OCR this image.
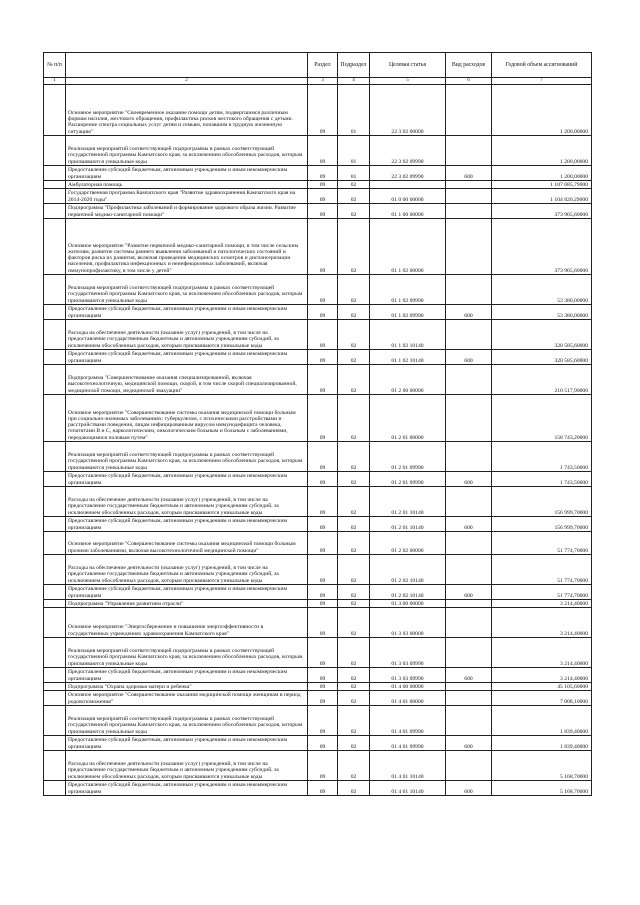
№ п/п		Раздел	Подраздел	Целевая статья	Вид расходов	Годовой объем ассигнований
1	2	3	4	5	6	7
	Основное мероприятие "Своевременное оказание помощи детям, подвергшимся различным формам насилия, жестокого обращения, профилактика рисков жестокого обращения с детьми. Расширение спектра социальных услуг детям и семьям, попавшим в трудную жизненную ситуацию"	09	01	22 3 02 00000		1 200,00000
	Реализация мероприятий соответствующей подпрограммы в рамках соответствующей государственной программы Камчатского края, за исключением обособленных расходов, которым присваиваются уникальные коды	09	01	22 3 02 09990		1 200,00000
	Предоставление субсидий бюджетным, автономным учреждениям и иным некоммерческим организациям	09	01	22 3 02 09990	600	1 200,00000
	Амбулаторная помощь	09	02			1 107 685,79000
	Государственная программа Камчатского края "Развитие здравоохранения Камчатского края на 2014-2020 годы"	09	02	01 0 00 00000		1 104 820,29000
	Подпрограмма "Профилактика заболеваний и формирование здорового образа жизни. Развитие первичной медико-санитарной помощи"	09	02	01 1 00 00000		373 965,60000
	Основное мероприятие "Развитие первичной медико-санитарной помощи, в том числе сельским жителям, развитие системы раннего выявления заболеваний и патологических состояний и факторов риска их развития, включая проведение медицинских осмотров и диспансеризации населения, профилактика инфекционных и неинфекционных заболеваний, включая иммунопрофилактику, в том числе у детей"	09	02	01 1 02 00000		373 965,60000
	Реализация мероприятий соответствующей подпрограммы в рамках соответствующей государственной программы Камчатского края, за исключением обособленных расходов, которым присваиваются уникальные коды	09	02	01 1 02 09990		53 380,00000
	Предоставление субсидий бюджетным, автономным учреждениям и иным некоммерческим организациям	09	02	01 1 02 09990	600	53 380,00000
	Расходы на обеспечение деятельности (оказание услуг) учреждений, в том числе на предоставление государственным бюджетным и автономным учреждениям субсидий, за исключением обособленных расходов, которым присваиваются уникальные коды	09	02	01 1 02 10140		320 585,60000
	Предоставление субсидий бюджетным, автономным учреждениям и иным некоммерческим организациям	09	02	01 1 02 10140	600	320 585,60000
	Подпрограмма "Совершенствование оказания специализированной, включая высокотехнологичную, медицинской помощи, скорой, в том числе скорой специализированной, медицинской помощи, медицинской эвакуации"	09	02	01 2 00 00000		210 517,90000
	Основное мероприятие "Совершенствование системы оказания медицинской помощи больным при социально-значимых заболеваниях: туберкулезом, с психическими расстройствами и расстройствами поведения, лицам инфицированным вирусом иммунодефицита человека, гепатитами В и С, наркологическим, онкологическим больным и больным с заболеваниями, передающимися половым путем"	09	02	01 2 01 00000		158 743,20000
	Реализация мероприятий соответствующей подпрограммы в рамках соответствующей государственной программы Камчатского края, за исключением обособленных расходов, которым присваиваются уникальные коды	09	02	01 2 01 09990		1 743,50000
	Предоставление субсидий бюджетным, автономным учреждениям и иным некоммерческим организациям	09	02	01 2 01 09990	600	1 743,50000
	Расходы на обеспечение деятельности (оказание услуг) учреждений, в том числе на предоставление государственным бюджетным и автономным учреждениям субсидий, за исключением обособленных расходов, которым присваиваются уникальные коды	09	02	01 2 01 10140		156 999,70000
	Предоставление субсидий бюджетным, автономным учреждениям и иным некоммерческим организациям	09	02	01 2 01 10140	600	156 999,70000
	Основное мероприятие "Совершенствование системы оказания медицинской помощи больным прочими заболеваниями, включая высокотехнологичной медицинской помощи"	09	02	01 2 02 00000		51 774,70000
	Расходы на обеспечение деятельности (оказание услуг) учреждений, в том числе на предоставление государственным бюджетным и автономным учреждениям субсидий, за исключением обособленных расходов, которым присваиваются уникальные коды	09	02	01 2 02 10140		51 774,70000
	Предоставление субсидий бюджетным, автономным учреждениям и иным некоммерческим организациям	09	02	01 2 02 10140	600	51 774,70000
	Подпрограмма "Управление развитием отрасли"	09	02	01 3 00 00000		3 214,40000
	Основное мероприятие "Энергосбережение и повышение энергоэффективности в государственных учреждениях здравоохранения Камчатского края"	09	02	01 3 03 00000		3 214,40000
	Реализация мероприятий соответствующей подпрограммы в рамках соответствующей государственной программы Камчатского края, за исключением обособленных расходов, которым присваиваются уникальные коды	09	02	01 3 03 09990		3 214,40000
	Предоставление субсидий бюджетным, автономным учреждениям и иным некоммерческим организациям	09	02	01 3 03 09990	600	3 214,40000
	Подпрограмма "Охрана здоровья матери и ребенка"	09	02	01 4 00 00000		45 105,60000
	Основное мероприятие "Совершенствование оказания медицинской помощи женщинам в период родовспоможения"	09	02	01 4 01 00000		7 008,10000
	Реализация мероприятий соответствующей подпрограммы в рамках соответствующей государственной программы Камчатского края, за исключением обособленных расходов, которым присваиваются уникальные коды	09	02	01 4 01 09990		1 839,40000
	Предоставление субсидий бюджетным, автономным учреждениям и иным некоммерческим организациям	09	02	01 4 01 09990	600	1 839,40000
	Расходы на обеспечение деятельности (оказание услуг) учреждений, в том числе на предоставление государственным бюджетным и автономным учреждениям субсидий, за исключением обособленных расходов, которым присваиваются уникальные коды	09	02	01 4 01 10140		5 168,70000
	Предоставление субсидий бюджетным, автономным учреждениям и иным некоммерческим организациям	09	02	01 4 01 10140	600	5 168,70000
